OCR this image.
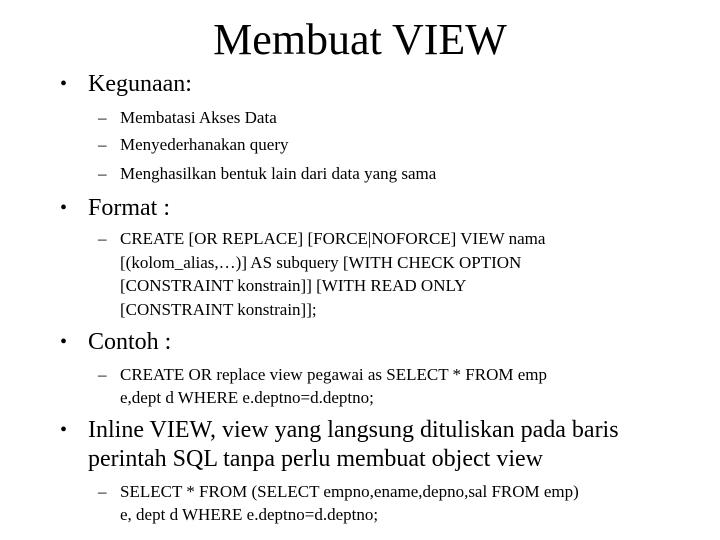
Membuat VIEW
• Kegunaan:
– Membatasi Akses Data
– Menyederhanakan query
– Menghasilkan bentuk lain dari data yang sama
• Format :
– CREATE [OR REPLACE] [FORCE|NOFORCE] VIEW nama
[(kolom_alias,…)] AS subquery [WITH CHECK OPTION
[CONSTRAINT konstrain]] [WITH READ ONLY
[CONSTRAINT konstrain]];
• Contoh :
– CREATE OR replace view pegawai as SELECT * FROM emp
e,dept d WHERE e.deptno=d.deptno;
• Inline VIEW, view yang langsung dituliskan pada baris
perintah SQL tanpa perlu membuat object view
– SELECT * FROM (SELECT empno,ename,depno,sal FROM emp)
e, dept d WHERE e.deptno=d.deptno;
